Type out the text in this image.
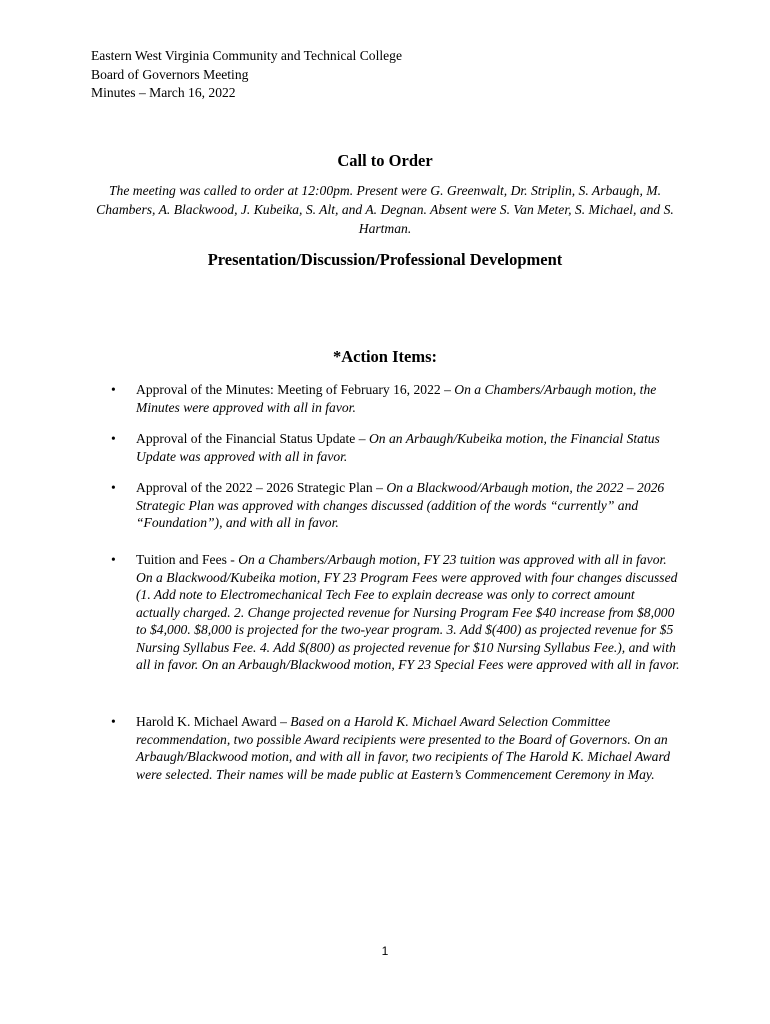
Eastern West Virginia Community and Technical College
Board of Governors Meeting
Minutes – March 16, 2022
Call to Order
The meeting was called to order at 12:00pm. Present were G. Greenwalt, Dr. Striplin, S. Arbaugh, M. Chambers, A. Blackwood, J. Kubeika, S. Alt, and A. Degnan. Absent were S. Van Meter, S. Michael, and S. Hartman.
Presentation/Discussion/Professional Development
*Action Items:
•	Approval of the Minutes: Meeting of February 16, 2022 – On a Chambers/Arbaugh motion, the Minutes were approved with all in favor.
•	Approval of the Financial Status Update – On an Arbaugh/Kubeika motion, the Financial Status Update was approved with all in favor.
•	Approval of the 2022 – 2026 Strategic Plan – On a Blackwood/Arbaugh motion, the 2022 – 2026 Strategic Plan was approved with changes discussed (addition of the words “currently” and “Foundation”), and with all in favor.
•	Tuition and Fees - On a Chambers/Arbaugh motion, FY 23 tuition was approved with all in favor. On a Blackwood/Kubeika motion, FY 23 Program Fees were approved with four changes discussed (1. Add note to Electromechanical Tech Fee to explain decrease was only to correct amount actually charged. 2. Change projected revenue for Nursing Program Fee $40 increase from $8,000 to $4,000. $8,000 is projected for the two-year program. 3. Add $(400) as projected revenue for $5 Nursing Syllabus Fee. 4. Add $(800) as projected revenue for $10 Nursing Syllabus Fee.), and with all in favor. On an Arbaugh/Blackwood motion, FY 23 Special Fees were approved with all in favor.
•	Harold K. Michael Award – Based on a Harold K. Michael Award Selection Committee recommendation, two possible Award recipients were presented to the Board of Governors. On an Arbaugh/Blackwood motion, and with all in favor, two recipients of The Harold K. Michael Award were selected. Their names will be made public at Eastern’s Commencement Ceremony in May.
1
